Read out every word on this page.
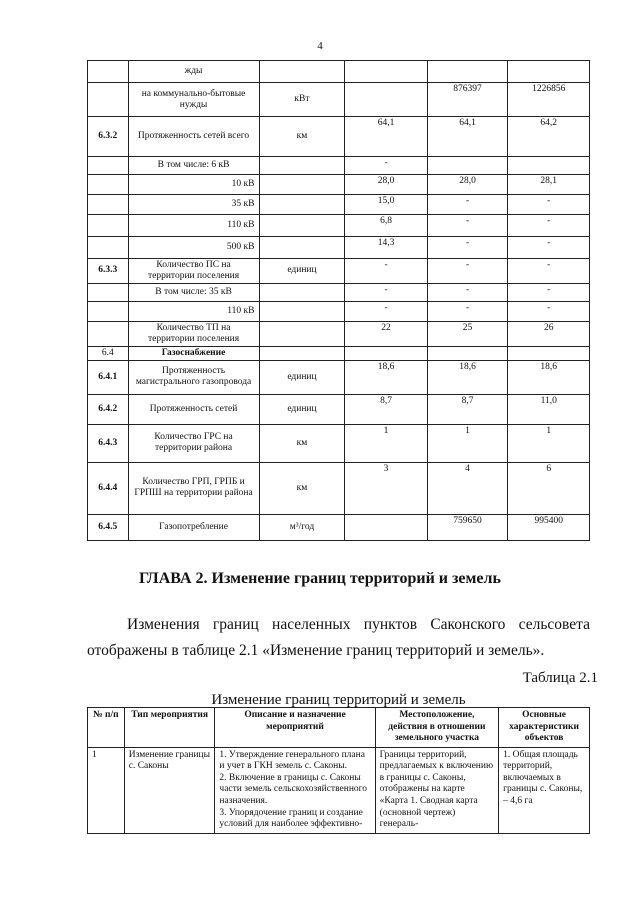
4
	жды				
	на коммунально-бытовые нужды	кВт		876397	1226856
6.3.2	Протяженность сетей всего	км	64,1	64,1	64,2
	В том числе: 6 кВ		-		
	10 кВ		28,0	28,0	28,1
	35 кВ		15,0	-	-
	110 кВ		6,8	-	-
	500 кВ		14,3	-	-
6.3.3	Количество ПС на территории поселения	единиц	-	-	-
	В том числе: 35 кВ		-	-	-
	110 кВ		-	-	-
	Количество ТП на территории поселения		22	25	26
6.4	Газоснабжение				
6.4.1	Протяженность магистрального газопровода	единиц	18,6	18,6	18,6
6.4.2	Протяженность сетей	единиц	8,7	8,7	11,0
6.4.3	Количество ГРС на территории района	км	1	1	1
6.4.4	Количество ГРП, ГРПБ и ГРПШ на территории района	км	3	4	6
6.4.5	Газопотребление	м³/год		759650	995400
ГЛАВА 2. Изменение границ территорий и земель

Изменения границ населенных пунктов Саконского сельсовета отображены в таблице 2.1 «Изменение границ территорий и земель».

Таблица 2.1
Изменение границ территорий и земель
№ п/п	Тип мероприятия	Описание и назначение мероприятий	Местоположение, действия в отношении земельного участка	Основные характеристики объектов
1	Изменение границы с. Саконы	1. Утверждение генерального плана и учет в ГКН земель с. Саконы.
2. Включение в границы с. Саконы части земель сельскохозяйственного назначения.
3. Упорядочение границ и создание условий для наиболее эффективно-	Границы территорий, предлагаемых к включению в границы с. Саконы, отображены на карте «Карта 1. Сводная карта (основной чертеж) генераль-	1. Общая площадь территорий, включаемых в границы с. Саконы, – 4,6 га
